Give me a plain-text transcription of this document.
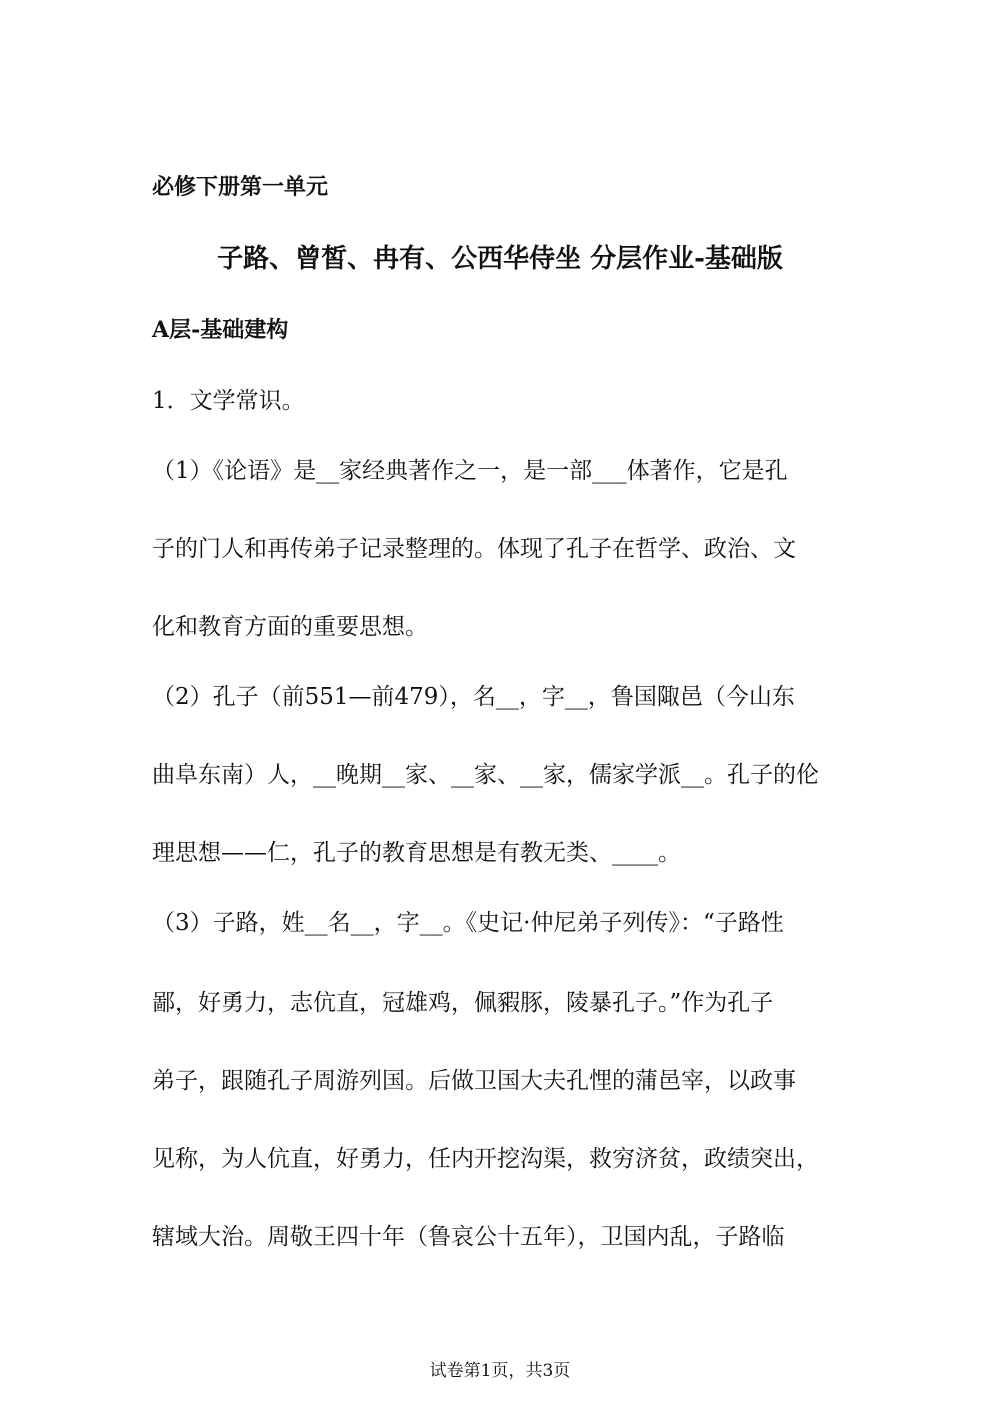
必修下册第一单元
子路、曾皙、冉有、公西华侍坐 分层作业-基础版
A层-基础建构
1．文学常识。
（1）《论语》是__家经典著作之一，是一部___体著作，它是孔
子的门人和再传弟子记录整理的。体现了孔子在哲学、政治、文
化和教育方面的重要思想。
（2）孔子（前551—前479），名__，字__，鲁国陬邑（今山东
曲阜东南）人，__晚期__家、__家、__家，儒家学派__。孔子的伦
理思想——仁，孔子的教育思想是有教无类、____。
（3）子路，姓__名__，字__。《史记·仲尼弟子列传》：“子路性
鄙，好勇力，志伉直，冠雄鸡，佩豭豚，陵暴孔子。”作为孔子
弟子，跟随孔子周游列国。后做卫国大夫孔悝的蒲邑宰，以政事
见称，为人伉直，好勇力，任内开挖沟渠，救穷济贫，政绩突出，
辖域大治。周敬王四十年（鲁哀公十五年），卫国内乱，子路临
试卷第1页，共3页
